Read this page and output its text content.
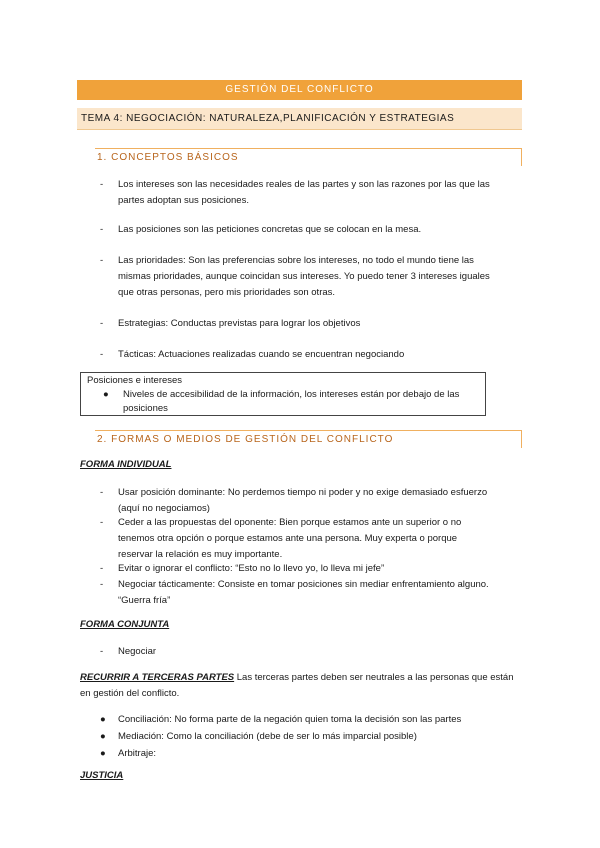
GESTIÓN DEL CONFLICTO
TEMA 4: NEGOCIACIÓN: NATURALEZA,PLANIFICACIÓN Y ESTRATEGIAS
1. CONCEPTOS BÁSICOS
- Los intereses son las necesidades reales de las partes y son las razones por las que las
partes adoptan sus posiciones.
- Las posiciones son las peticiones concretas que se colocan en la mesa.
- Las prioridades: Son las preferencias sobre los intereses, no todo el mundo tiene las
mismas prioridades, aunque coincidan sus intereses. Yo puedo tener 3 intereses iguales
que otras personas, pero mis prioridades son otras.
- Estrategias: Conductas previstas para lograr los objetivos
- Tácticas: Actuaciones realizadas cuando se encuentran negociando
Posiciones e intereses
● Niveles de accesibilidad de la información, los intereses están por debajo de las
posiciones
2. FORMAS O MEDIOS DE GESTIÓN DEL CONFLICTO
FORMA INDIVIDUAL
- Usar posición dominante: No perdemos tiempo ni poder y no exige demasiado esfuerzo
(aquí no negociamos)
- Ceder a las propuestas del oponente: Bien porque estamos ante un superior o no
tenemos otra opción o porque estamos ante una persona. Muy experta o porque
reservar la relación es muy importante.
- Evitar o ignorar el conflicto: “Esto no lo llevo yo, lo lleva mi jefe”
- Negociar tácticamente: Consiste en tomar posiciones sin mediar enfrentamiento alguno.
“Guerra fría”
FORMA CONJUNTA
- Negociar
RECURRIR A TERCERAS PARTES Las terceras partes deben ser neutrales a las personas que están
en gestión del conflicto.
● Conciliación: No forma parte de la negación quien toma la decisión son las partes
● Mediación: Como la conciliación (debe de ser lo más imparcial posible)
● Arbitraje:
JUSTICIA
